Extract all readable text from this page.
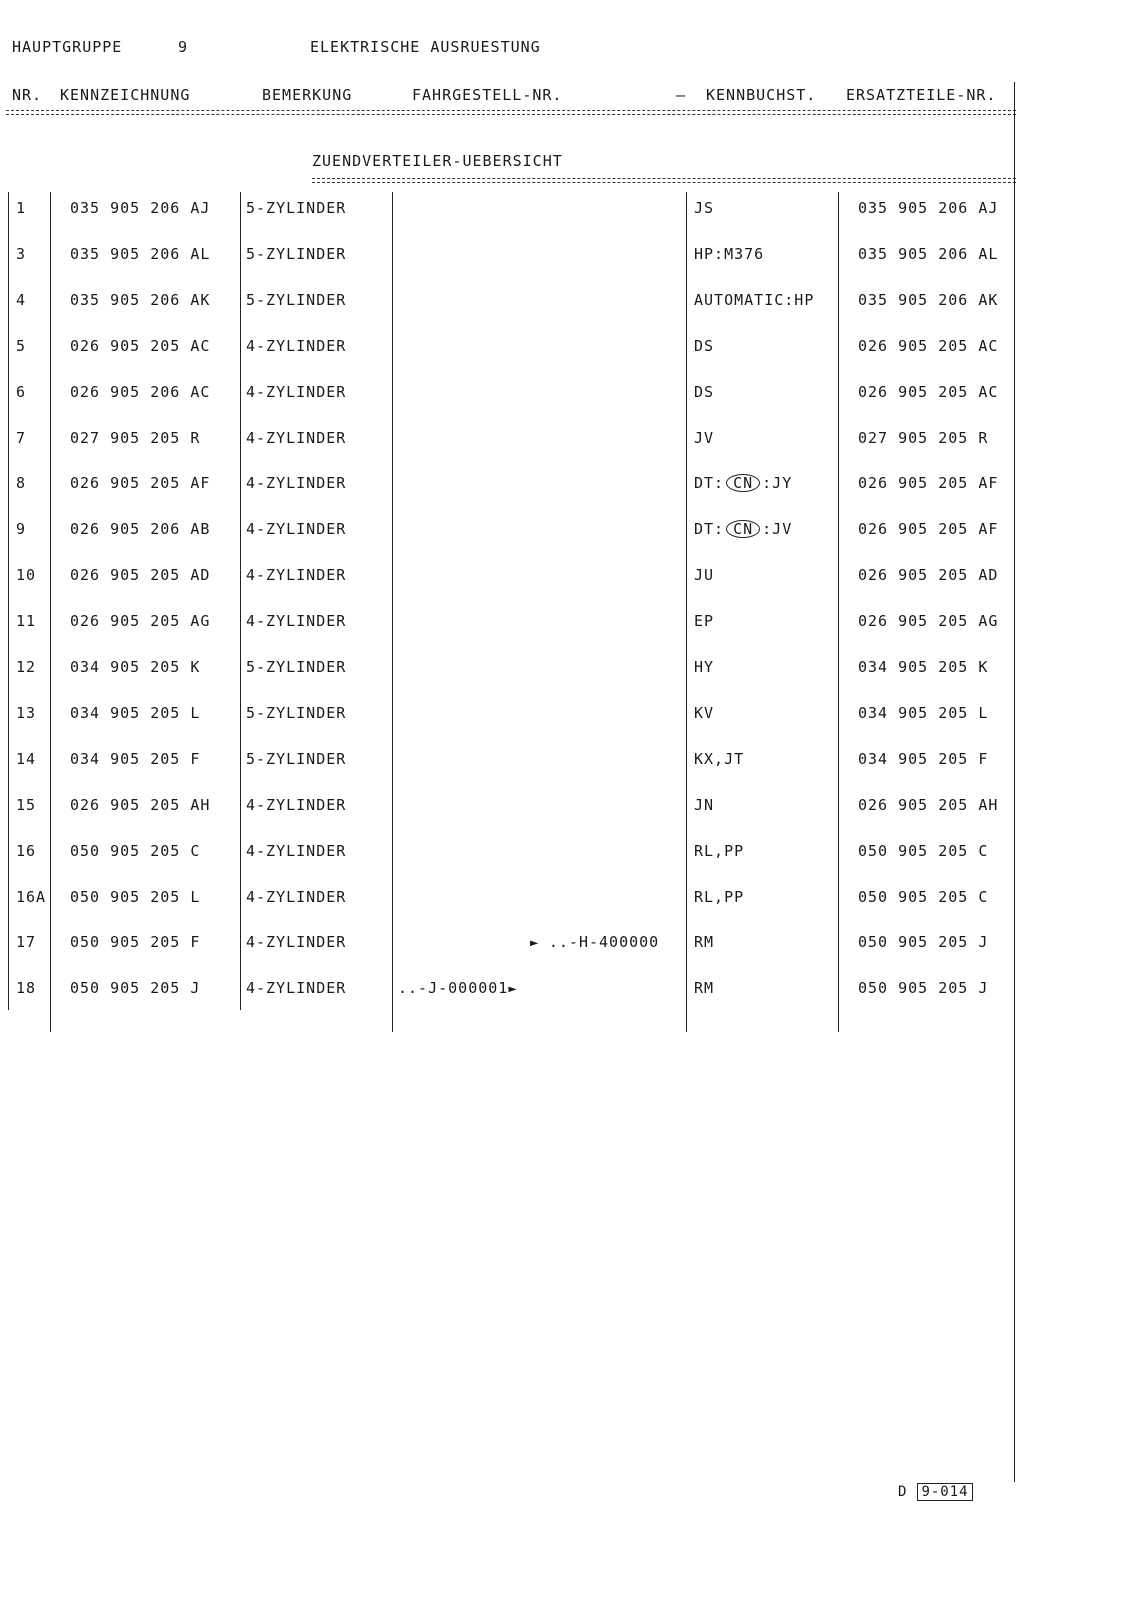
HAUPTGRUPPE	9	ELEKTRISCHE AUSRUESTUNG
NR. KENNZEICHNUNG	BEMERKUNG	FAHRGESTELL-NR.	– KENNBUCHST. ERSATZTEILE-NR.
ZUENDVERTEILER-UEBERSICHT
1	035 905 206 AJ 5-ZYLINDER	JS	035 905 206 AJ
3	035 905 206 AL 5-ZYLINDER	HP:M376	035 905 206 AL
4	035 905 206 AK 5-ZYLINDER	AUTOMATIC:HP	035 905 206 AK
5	026 905 205 AC 4-ZYLINDER	DS	026 905 205 AC
6	026 905 206 AC 4-ZYLINDER	DS	026 905 205 AC
7	027 905 205 R	4-ZYLINDER	JV	027 905 205 R
8	026 905 205 AF 4-ZYLINDER	DT: CN :JY	026 905 205 AF
9	026 905 206 AB 4-ZYLINDER	DT: CN :JV	026 905 205 AF
10 026 905 205 AD 4-ZYLINDER	JU	026 905 205 AD
11 026 905 205 AG 4-ZYLINDER	EP	026 905 205 AG
12 034 905 205 K	5-ZYLINDER	HY	034 905 205 K
13 034 905 205 L	5-ZYLINDER	KV	034 905 205 L
14 034 905 205 F	5-ZYLINDER	KX,JT	034 905 205 F
15 026 905 205 AH 4-ZYLINDER	JN	026 905 205 AH
16 050 905 205 C	4-ZYLINDER	RL,PP	050 905 205 C
16A 050 905 205 L	4-ZYLINDER	RL,PP	050 905 205 C
17 050 905 205 F	4-ZYLINDER	► ..-H-400000 RM	050 905 205 J
18 050 905 205 J	4-ZYLINDER	..-J-000001►	RM	050 905 205 J
D 9-014
